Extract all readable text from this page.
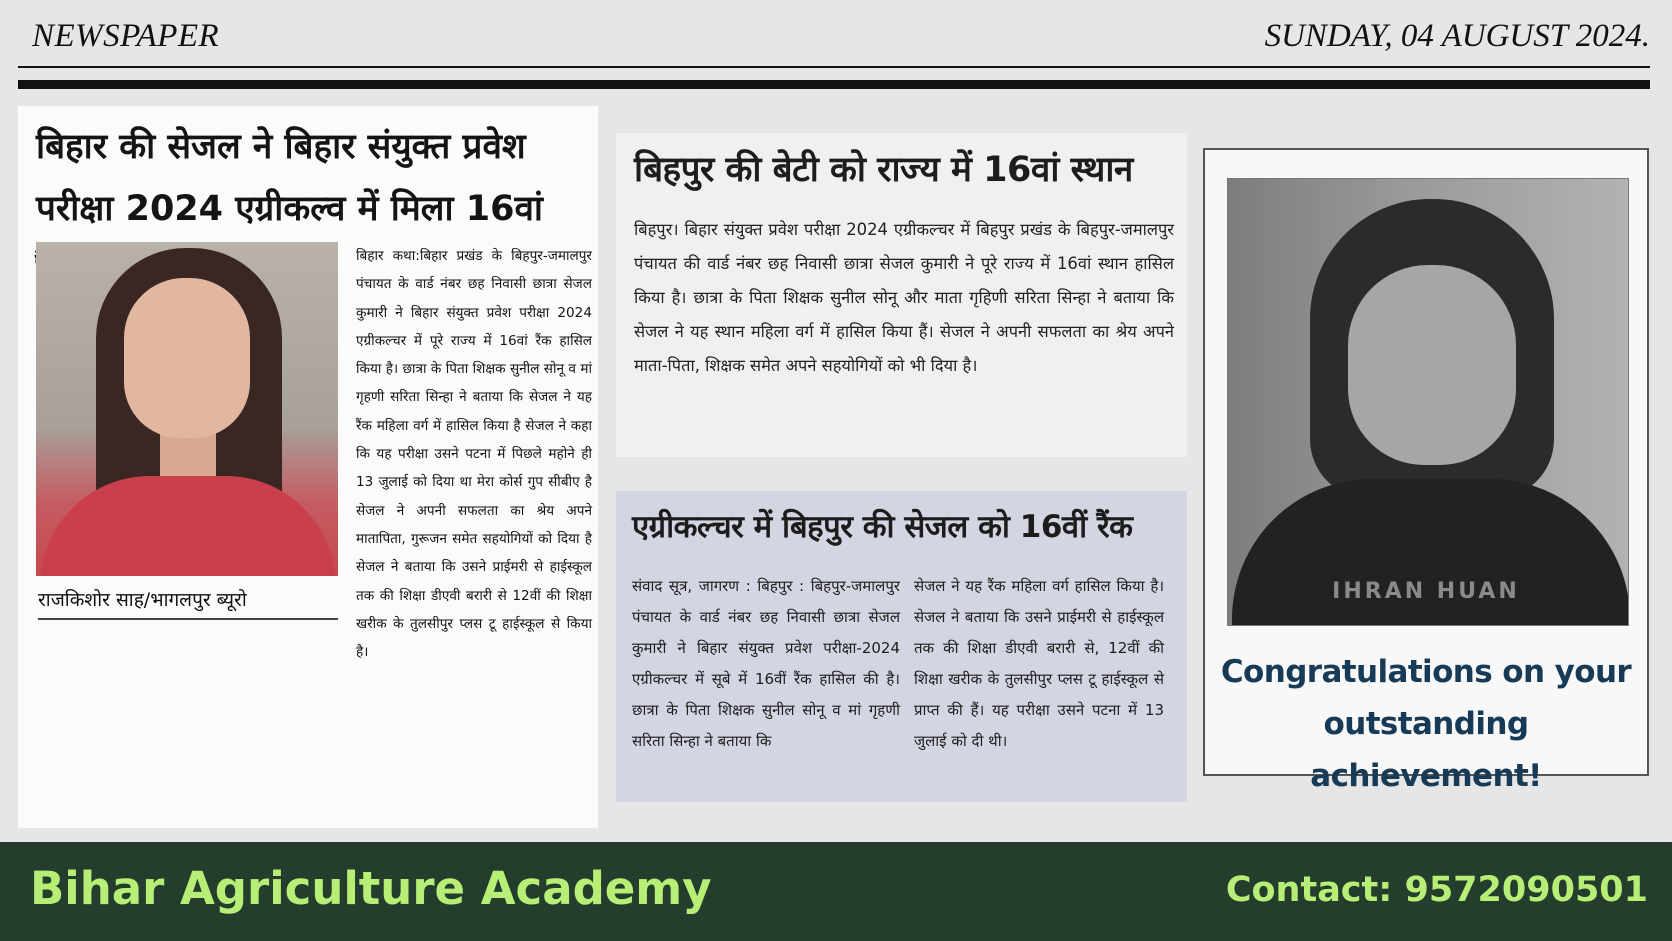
NEWSPAPER	SUNDAY, 04 AUGUST 2024.
बिहार की सेजल ने बिहार संयुक्त प्रवेश परीक्षा 2024 एग्रीकल्व में मिला 16वां
राजकिशोर साह/भागलपुर ब्यूरो

बिहार कथा:बिहार प्रखंड के बिहपुर-जमालपुर पंचायत के वार्ड नंबर छह निवासी छात्रा सेजल कुमारी ने बिहार संयुक्त प्रवेश परीक्षा 2024 एग्रीकल्चर में पूरे राज्य में 16वां रैंक हासिल किया है। छात्रा के पिता शिक्षक सुनील सोनू व मां गृहणी सरिता सिन्हा ने बताया कि सेजल ने यह रैंक महिला वर्ग में हासिल किया है सेजल ने कहा कि यह परीक्षा उसने पटना में पिछले महोने ही 13 जुलाई को दिया था मेरा कोर्स गुप सीबीए है सेजल ने अपनी सफलता का श्रेय अपने मातापिता, गुरूजन समेत सहयोगियों को दिया है सेजल ने बताया कि उसने प्राईमरी से हाईस्कूल तक की शिक्षा डीएवी बरारी से 12वीं की शिक्षा खरीक के तुलसीपुर प्लस टू हाईस्कूल से किया है।

बिहपुर की बेटी को राज्य में 16वां स्थान

बिहपुर। बिहार संयुक्त प्रवेश परीक्षा 2024 एग्रीकल्चर में बिहपुर प्रखंड के बिहपुर-जमालपुर पंचायत की वार्ड नंबर छह निवासी छात्रा सेजल कुमारी ने पूरे राज्य में 16वां स्थान हासिल किया है। छात्रा के पिता शिक्षक सुनील सोनू और माता गृहिणी सरिता सिन्हा ने बताया कि सेजल ने यह स्थान महिला वर्ग में हासिल किया हैं। सेजल ने अपनी सफलता का श्रेय अपने माता-पिता, शिक्षक समेत अपने सहयोगियों को भी दिया है।

एग्रीकल्चर में बिहपुर की सेजल को 16वीं रैंक

संवाद सूत्र, जागरण : बिहपुर : बिहपुर-जमालपुर पंचायत के वार्ड नंबर छह निवासी छात्रा सेजल कुमारी ने बिहार संयुक्त प्रवेश परीक्षा-2024 एग्रीकल्चर में सूबे में 16वीं रैंक हासिल की है। छात्रा के पिता शिक्षक सुनील सोनू व मां गृहणी सरिता सिन्हा ने बताया कि

सेजल ने यह रैंक महिला वर्ग हासिल किया है। सेजल ने बताया कि उसने प्राईमरी से हाईस्कूल तक की शिक्षा डीएवी बरारी से, 12वीं की शिक्षा खरीक के तुलसीपुर प्लस टू हाईस्कूल से प्राप्त की हैं। यह परीक्षा उसने पटना में 13 जुलाई को दी थी।

IHRAN HUAN

Congratulations on your outstanding achievement!

Bihar Agriculture Academy	Contact: 9572090501
